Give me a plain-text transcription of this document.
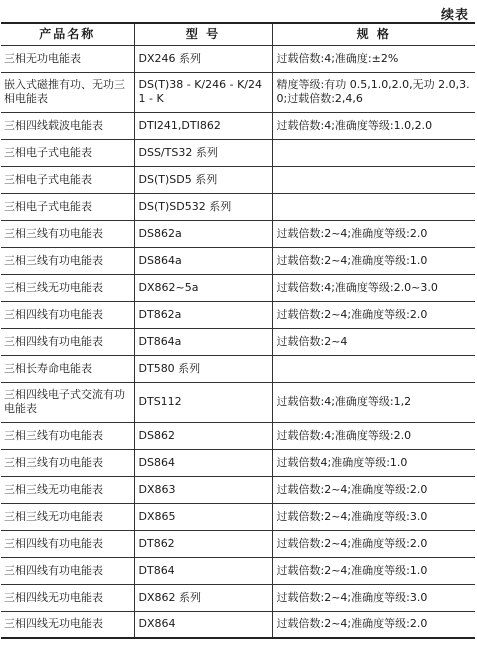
续表
产品名称	型 号	规 格
三相无功电能表	DX246 系列	过载倍数:4;准确度:±2%
嵌入式磁推有功、无功三相电能表	DS(T)38 - K/246 - K/241 - K	精度等级:有功 0.5,1.0,2.0,无功 2.0,3.0;过载倍数:2,4,6
三相四线载波电能表	DTI241,DTI862	过载倍数:4;准确度等级:1.0,2.0
三相电子式电能表	DSS/TS32 系列	
三相电子式电能表	DS(T)SD5 系列	
三相电子式电能表	DS(T)SD532 系列	
三相三线有功电能表	DS862a	过载倍数:2~4;准确度等级:2.0
三相三线有功电能表	DS864a	过载倍数:2~4;准确度等级:1.0
三相三线无功电能表	DX862~5a	过载倍数:4;准确度等级:2.0~3.0
三相四线有功电能表	DT862a	过载倍数:2~4;准确度等级:2.0
三相四线有功电能表	DT864a	过载倍数:2~4
三相长寿命电能表	DT580 系列	
三相四线电子式交流有功电能表	DTS112	过载倍数:4;准确度等级:1,2
三相三线有功电能表	DS862	过载倍数:4;准确度等级:2.0
三相三线有功电能表	DS864	过载倍数4;准确度等级:1.0
三相三线无功电能表	DX863	过载倍数:2~4;准确度等级:2.0
三相三线无功电能表	DX865	过载倍数:2~4;准确度等级:3.0
三相四线有功电能表	DT862	过载倍数:2~4;准确度等级:2.0
三相四线有功电能表	DT864	过载倍数:2~4;准确度等级:1.0
三相四线无功电能表	DX862 系列	过载倍数:2~4;准确度等级:3.0
三相四线无功电能表	DX864	过载倍数:2~4;准确度等级:2.0
